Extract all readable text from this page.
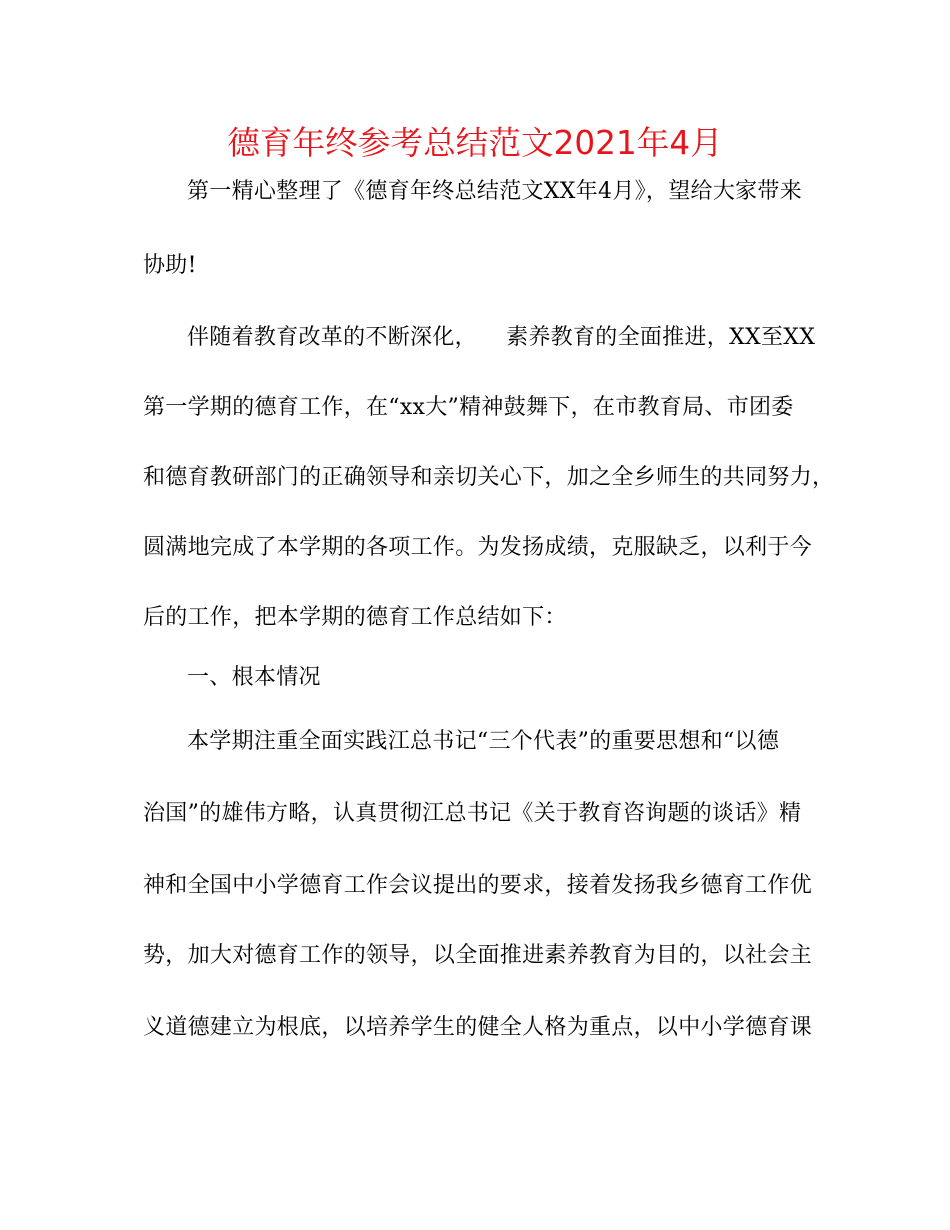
德育年终参考总结范文2021年4月
第一精心整理了《德育年终总结范文XX年4月》，望给大家带来
协助!
伴随着教育改革的不断深化，    素养教育的全面推进，XX至XX
第一学期的德育工作，在“xx大”精神鼓舞下，在市教育局、市团委
和德育教研部门的正确领导和亲切关心下，加之全乡师生的共同努力，
圆满地完成了本学期的各项工作。为发扬成绩，克服缺乏，以利于今
后的工作，把本学期的德育工作总结如下：
一、根本情况
本学期注重全面实践江总书记“三个代表”的重要思想和“以德
治国”的雄伟方略，认真贯彻江总书记《关于教育咨询题的谈话》精
神和全国中小学德育工作会议提出的要求，接着发扬我乡德育工作优
势，加大对德育工作的领导，以全面推进素养教育为目的，以社会主
义道德建立为根底，以培养学生的健全人格为重点，以中小学德育课
